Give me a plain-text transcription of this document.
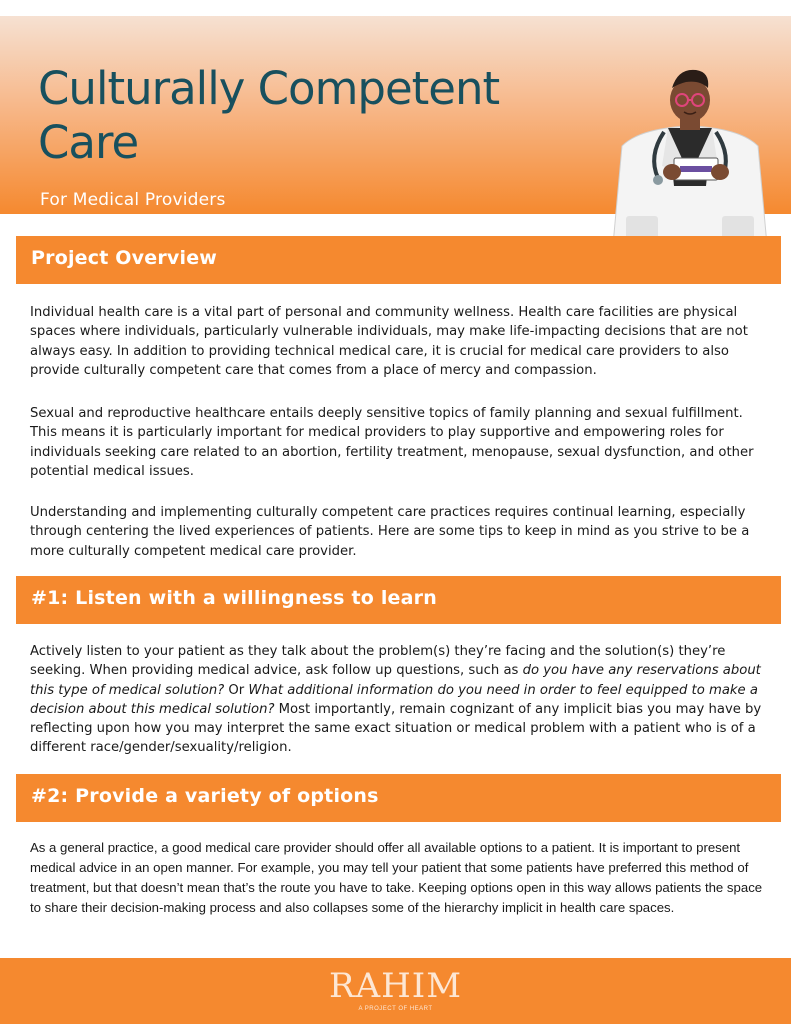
Culturally Competent Care
For Medical Providers
Project Overview

Individual health care is a vital part of personal and community wellness. Health care facilities are physical spaces where individuals, particularly vulnerable individuals, may make life-impacting decisions that are not always easy. In addition to providing technical medical care, it is crucial for medical care providers to also provide culturally competent care that comes from a place of mercy and compassion.

Sexual and reproductive healthcare entails deeply sensitive topics of family planning and sexual fulfillment. This means it is particularly important for medical providers to play supportive and empowering roles for individuals seeking care related to an abortion, fertility treatment, menopause, sexual dysfunction, and other potential medical issues.

Understanding and implementing culturally competent care practices requires continual learning, especially through centering the lived experiences of patients. Here are some tips to keep in mind as you strive to be a more culturally competent medical care provider.

#1: Listen with a willingness to learn

Actively listen to your patient as they talk about the problem(s) they’re facing and the solution(s) they’re seeking. When providing medical advice, ask follow up questions, such as do you have any reservations about this type of medical solution? Or What additional information do you need in order to feel equipped to make a decision about this medical solution? Most importantly, remain cognizant of any implicit bias you may have by reflecting upon how you may interpret the same exact situation or medical problem with a patient who is of a different race/gender/sexuality/religion.

#2: Provide a variety of options

As a general practice, a good medical care provider should offer all available options to a patient. It is important to present medical advice in an open manner. For example, you may tell your patient that some patients have preferred this method of treatment, but that doesn’t mean that’s the route you have to take. Keeping options open in this way allows patients the space to share their decision-making process and also collapses some of the hierarchy implicit in health care spaces.

RAHIM
A PROJECT OF HEART
